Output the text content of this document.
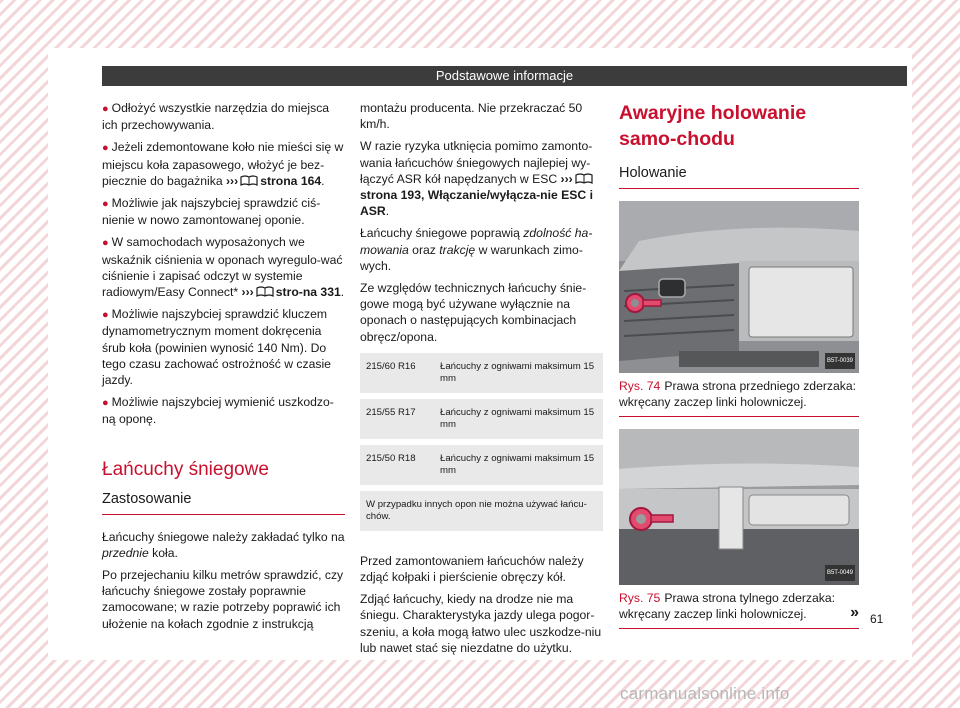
Podstawowe informacje
● Odłożyć wszystkie narzędzia do miejsca ich przechowywania.
● Jeżeli zdemontowane koło nie mieści się w miejscu koła zapasowego, włożyć je bez-piecznie do bagażnika ››› strona 164.
● Możliwie jak najszybciej sprawdzić ciś-nienie w nowo zamontowanej oponie.
● W samochodach wyposażonych we wskaźnik ciśnienia w oponach wyregulo-wać ciśnienie i zapisać odczyt w systemie radiowym/Easy Connect* ››› stro-na 331.
● Możliwie najszybciej sprawdzić kluczem dynamometrycznym moment dokręcenia śrub koła (powinien wynosić 140 Nm). Do tego czasu zachować ostrożność w czasie jazdy.
● Możliwie najszybciej wymienić uszkodzo-ną oponę.
Łańcuchy śniegowe
Zastosowanie

Łańcuchy śniegowe należy zakładać tylko na przednie koła.

Po przejechaniu kilku metrów sprawdzić, czy łańcuchy śniegowe zostały poprawnie zamocowane; w razie potrzeby poprawić ich ułożenie na kołach zgodnie z instrukcją

montażu producenta. Nie przekraczać 50 km/h.

W razie ryzyka utknięcia pomimo zamonto-wania łańcuchów śniegowych najlepiej wy-łączyć ASR kół napędzanych w ESC ›››strona 193, Włączanie/wyłącza-nie ESC i ASR.

Łańcuchy śniegowe poprawią zdolność ha-mowania oraz trakcję w warunkach zimo-wych.

Ze względów technicznych łańcuchy śnie-gowe mogą być używane wyłącznie na oponach o następujących kombinacjach obręcz/opona.

215/60 R16	Łańcuchy z ogniwami maksimum 15 mm
215/55 R17	Łańcuchy z ogniwami maksimum 15 mm
215/50 R18	Łańcuchy z ogniwami maksimum 15 mm
W przypadku innych opon nie można używać łańcu-chów.	

Przed zamontowaniem łańcuchów należy zdjąć kołpaki i pierścienie obręczy kół.

Zdjąć łańcuchy, kiedy na drodze nie ma śniegu. Charakterystyka jazdy ulega pogor-szeniu, a koła mogą łatwo ulec uszkodze-niu lub nawet stać się niezdatne do użytku.

Awaryjne holowanie samo-chodu
Holowanie
B5T-0039
Rys. 74 Prawa strona przedniego zderzaka: wkręcany zaczep linki holowniczej.
B5T-0049
Rys. 75 Prawa strona tylnego zderzaka: wkręcany zaczep linki holowniczej.	» 61
carmanualsonline.info
